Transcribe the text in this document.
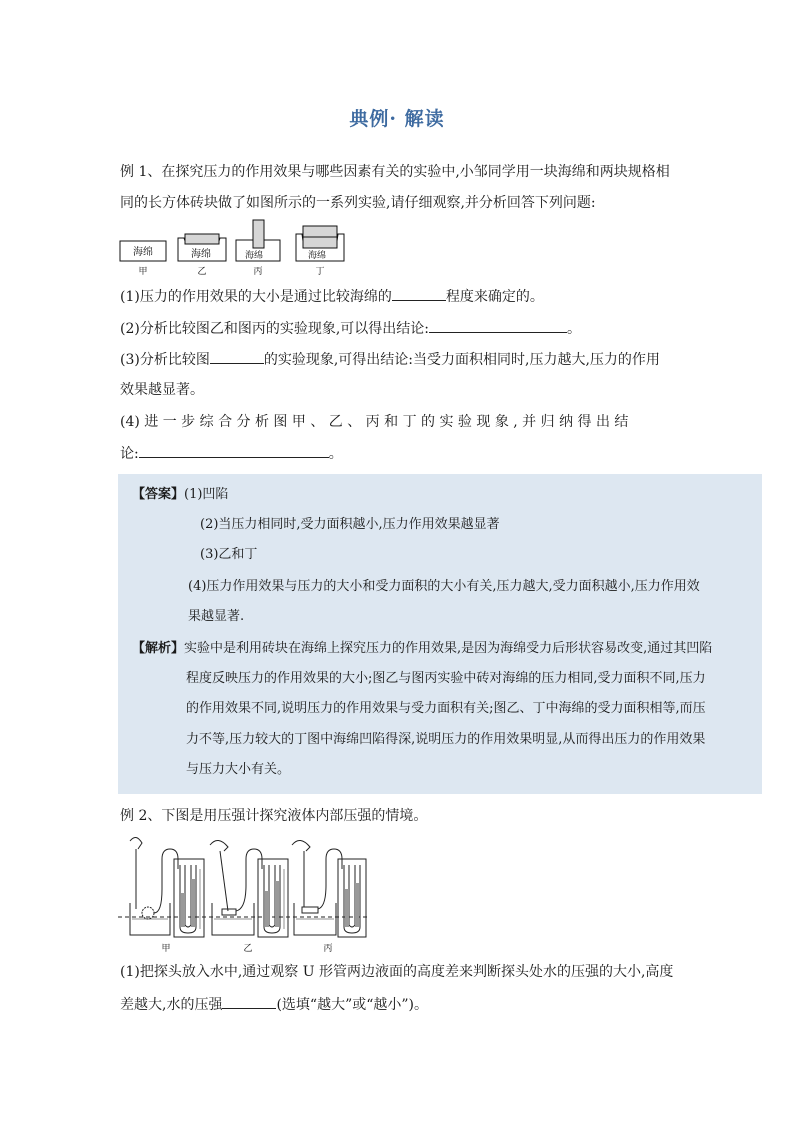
典例· 解读
例 1、在探究压力的作用效果与哪些因素有关的实验中,小邹同学用一块海绵和两块规格相
同的长方体砖块做了如图所示的一系列实验,请仔细观察,并分析回答下列问题:
海绵
甲
海绵
乙
海绵
丙
海绵
丁
(1)压力的作用效果的大小是通过比较海绵的	程度来确定的。
(2)分析比较图乙和图丙的实验现象,可以得出结论:	。
(3)分析比较图	的实验现象,可得出结论:当受力面积相同时,压力越大,压力的作用
效果越显著。
(4) 进 一 步 综 合 分 析 图 甲 、 乙 、 丙 和 丁 的 实 验 现 象 , 并 归 纳 得 出 结
论:	。
【答案】(1)凹陷
(2)当压力相同时,受力面积越小,压力作用效果越显著
(3)乙和丁
(4)压力作用效果与压力的大小和受力面积的大小有关,压力越大,受力面积越小,压力作用效
果越显著.
【解析】实验中是利用砖块在海绵上探究压力的作用效果,是因为海绵受力后形状容易改变,通过其凹陷
程度反映压力的作用效果的大小;图乙与图丙实验中砖对海绵的压力相同,受力面积不同,压力
的作用效果不同,说明压力的作用效果与受力面积有关;图乙、丁中海绵的受力面积相等,而压
力不等,压力较大的丁图中海绵凹陷得深,说明压力的作用效果明显,从而得出压力的作用效果
与压力大小有关。
例 2、下图是用压强计探究液体内部压强的情境。
甲	乙	丙
(1)把探头放入水中,通过观察 U 形管两边液面的高度差来判断探头处水的压强的大小,高度
差越大,水的压强	(选填“越大”或“越小”)。
